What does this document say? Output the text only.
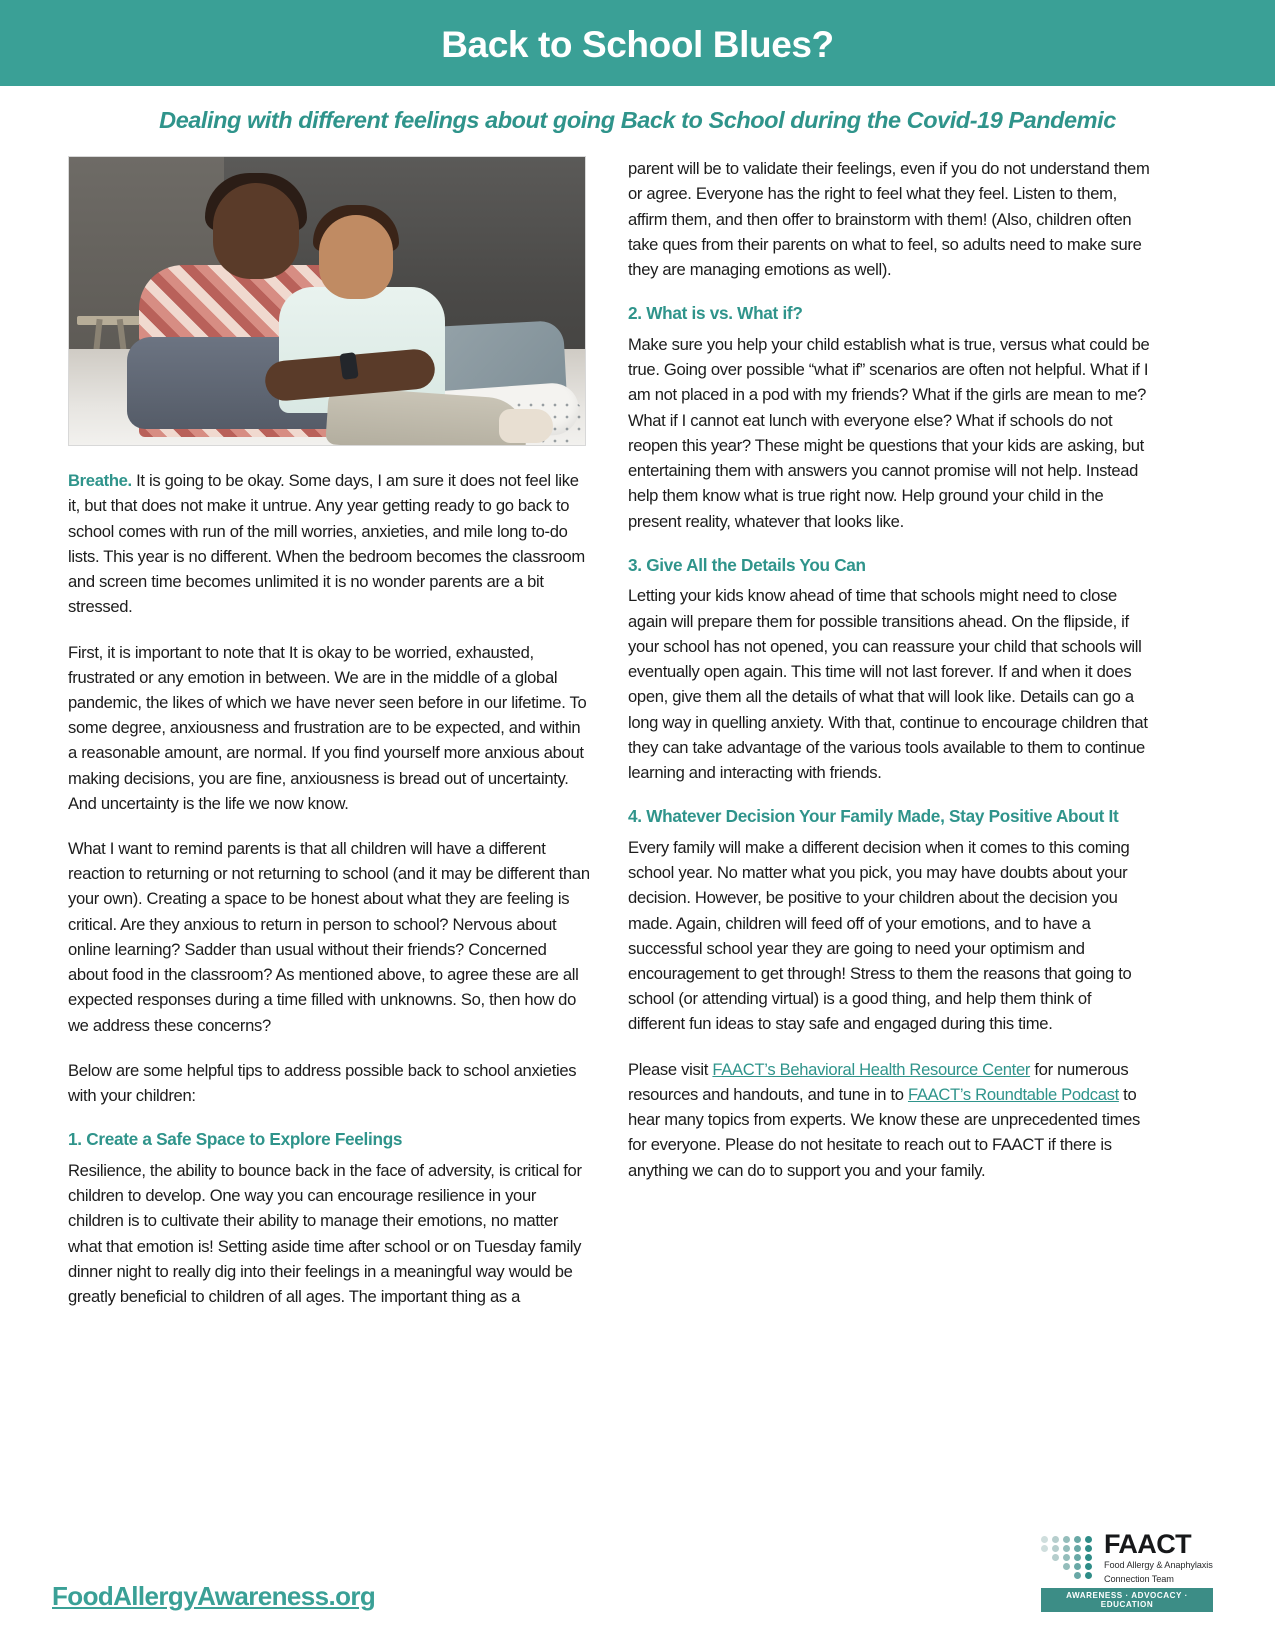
Back to School Blues?
Dealing with different feelings about going Back to School during the Covid-19 Pandemic

Breathe. It is going to be okay. Some days, I am sure it does not feel like it, but that does not make it untrue. Any year getting ready to go back to school comes with run of the mill worries, anxieties, and mile long to-do lists. This year is no different. When the bedroom becomes the classroom and screen time becomes unlimited it is no wonder parents are a bit stressed.

First, it is important to note that It is okay to be worried, exhausted, frustrated or any emotion in between. We are in the middle of a global pandemic, the likes of which we have never seen before in our lifetime. To some degree, anxiousness and frustration are to be expected, and within a reasonable amount, are normal. If you find yourself more anxious about making decisions, you are fine, anxiousness is bread out of uncertainty. And uncertainty is the life we now know.

What I want to remind parents is that all children will have a different reaction to returning or not returning to school (and it may be different than your own). Creating a space to be honest about what they are feeling is critical. Are they anxious to return in person to school? Nervous about online learning? Sadder than usual without their friends? Concerned about food in the classroom? As mentioned above, to agree these are all expected responses during a time filled with unknowns. So, then how do we address these concerns?

Below are some helpful tips to address possible back to school anxieties with your children:

1. Create a Safe Space to Explore Feelings

Resilience, the ability to bounce back in the face of adversity, is critical for children to develop. One way you can encourage resilience in your children is to cultivate their ability to manage their emotions, no matter what that emotion is! Setting aside time after school or on Tuesday family dinner night to really dig into their feelings in a meaningful way would be greatly beneficial to children of all ages. The important thing as a

parent will be to validate their feelings, even if you do not understand them or agree. Everyone has the right to feel what they feel. Listen to them, affirm them, and then offer to brainstorm with them! (Also, children often take ques from their parents on what to feel, so adults need to make sure they are managing emotions as well).

2. What is vs. What if?

Make sure you help your child establish what is true, versus what could be true. Going over possible “what if” scenarios are often not helpful. What if I am not placed in a pod with my friends? What if the girls are mean to me? What if I cannot eat lunch with everyone else? What if schools do not reopen this year? These might be questions that your kids are asking, but entertaining them with answers you cannot promise will not help. Instead help them know what is true right now. Help ground your child in the present reality, whatever that looks like.

3. Give All the Details You Can

Letting your kids know ahead of time that schools might need to close again will prepare them for possible transitions ahead. On the flipside, if your school has not opened, you can reassure your child that schools will eventually open again. This time will not last forever. If and when it does open, give them all the details of what that will look like. Details can go a long way in quelling anxiety. With that, continue to encourage children that they can take advantage of the various tools available to them to continue learning and interacting with friends.

4. Whatever Decision Your Family Made, Stay Positive About It

Every family will make a different decision when it comes to this coming school year. No matter what you pick, you may have doubts about your decision. However, be positive to your children about the decision you made. Again, children will feed off of your emotions, and to have a successful school year they are going to need your optimism and encouragement to get through! Stress to them the reasons that going to school (or attending virtual) is a good thing, and help them think of different fun ideas to stay safe and engaged during this time.

Please visit FAACT’s Behavioral Health Resource Center for numerous resources and handouts, and tune in to FAACT’s Roundtable Podcast to hear many topics from experts. We know these are unprecedented times for everyone. Please do not hesitate to reach out to FAACT if there is anything we can do to support you and your family.

FoodAllergyAwareness.org
FAACT
Food Allergy & Anaphylaxis
Connection Team
AWARENESS · ADVOCACY · EDUCATION
